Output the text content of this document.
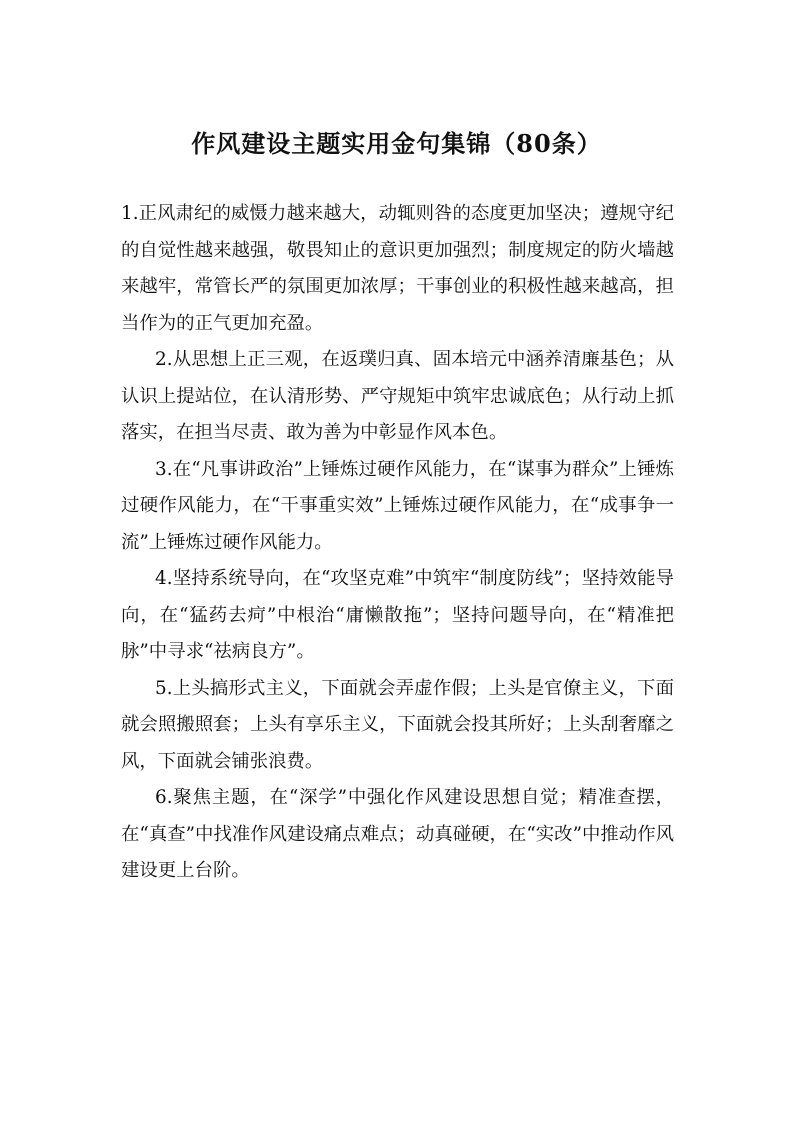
作风建设主题实用金句集锦（80条）

1.正风肃纪的威慑力越来越大，动辄则咎的态度更加坚决；遵规守纪的自觉性越来越强，敬畏知止的意识更加强烈；制度规定的防火墙越来越牢，常管长严的氛围更加浓厚；干事创业的积极性越来越高，担当作为的正气更加充盈。

2.从思想上正三观，在返璞归真、固本培元中涵养清廉基色；从认识上提站位，在认清形势、严守规矩中筑牢忠诚底色；从行动上抓落实，在担当尽责、敢为善为中彰显作风本色。

3.在“凡事讲政治”上锤炼过硬作风能力，在“谋事为群众”上锤炼过硬作风能力，在“干事重实效”上锤炼过硬作风能力，在“成事争一流”上锤炼过硬作风能力。

4.坚持系统导向，在“攻坚克难”中筑牢“制度防线”；坚持效能导向，在“猛药去疴”中根治“庸懒散拖”；坚持问题导向，在“精准把脉”中寻求“祛病良方”。

5.上头搞形式主义，下面就会弄虚作假；上头是官僚主义，下面就会照搬照套；上头有享乐主义，下面就会投其所好；上头刮奢靡之风，下面就会铺张浪费。

6.聚焦主题，在“深学”中强化作风建设思想自觉；精准查摆，在“真查”中找准作风建设痛点难点；动真碰硬，在“实改”中推动作风建设更上台阶。
